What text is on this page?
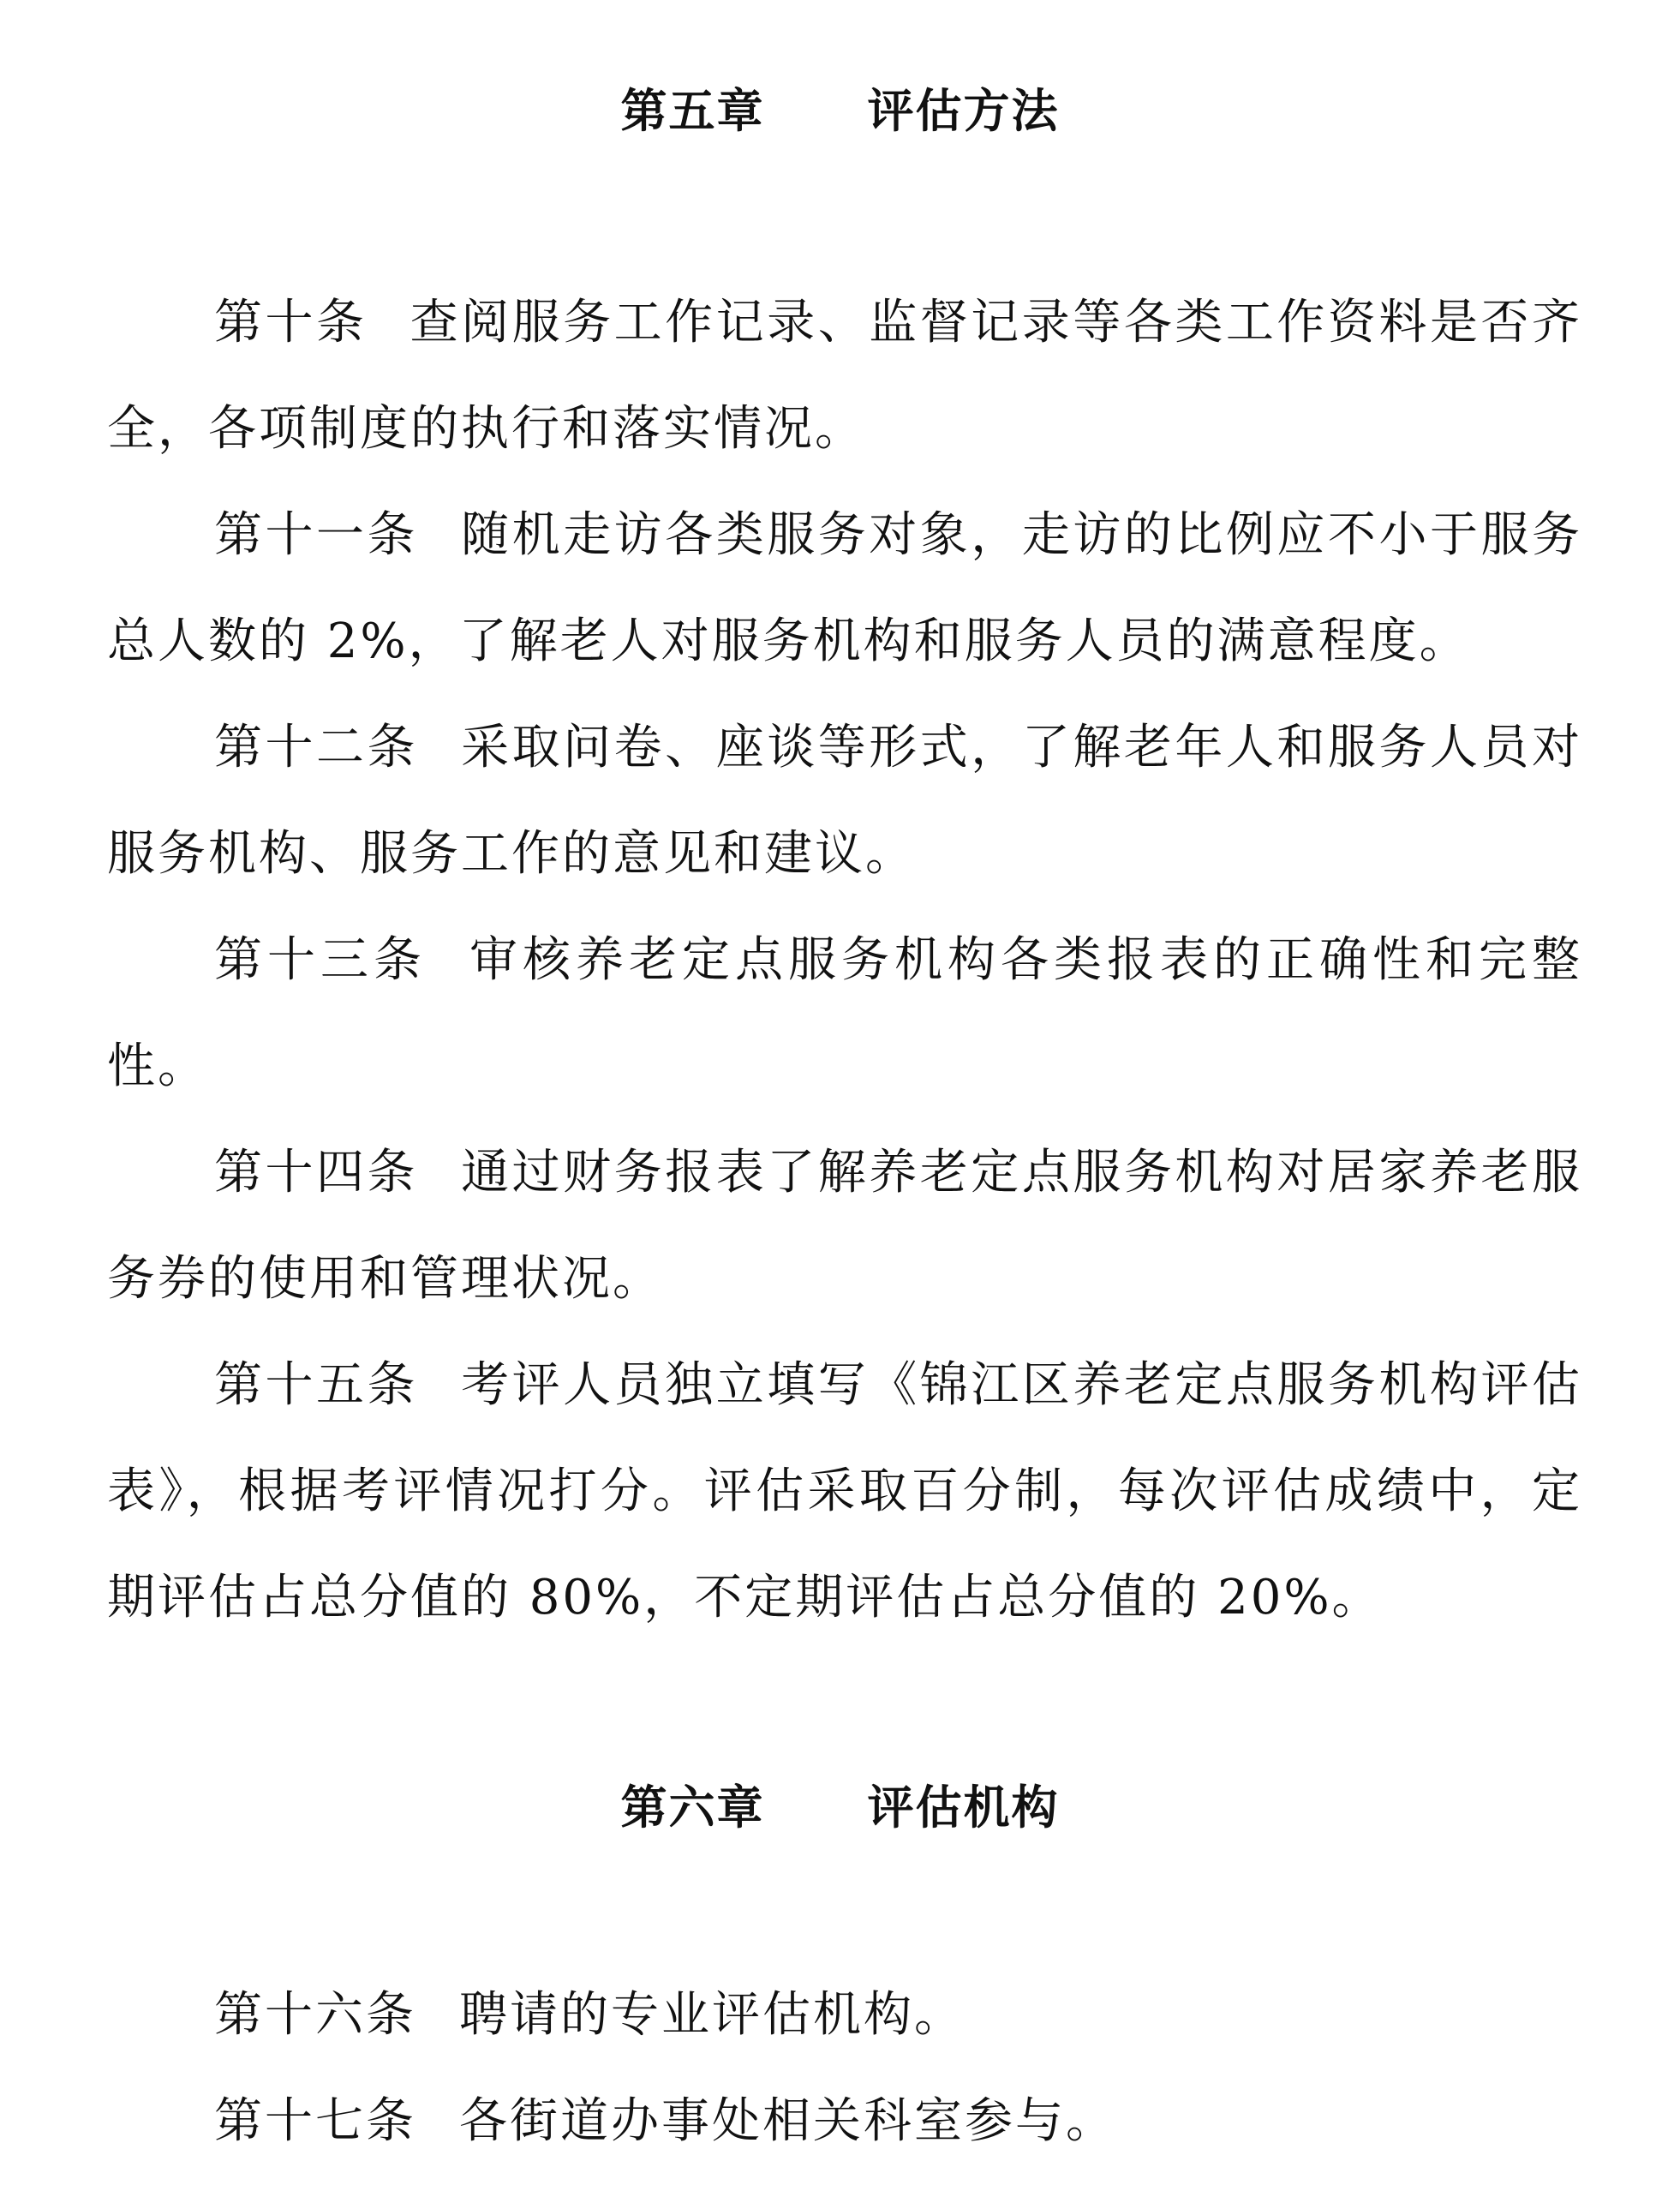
第五章 评估方法
第十条 查阅服务工作记录、监督记录等各类工作资料是否齐全，各项制度的执行和落实情况。
第十一条 随机走访各类服务对象，走访的比例应不小于服务总人数的 2%，了解老人对服务机构和服务人员的满意程度。
第十二条 采取问卷、座谈等形式，了解老年人和服务人员对服务机构、服务工作的意见和建议。
第十三条 审核养老定点服务机构各类报表的正确性和完整性。
第十四条 通过财务报表了解养老定点服务机构对居家养老服务券的使用和管理状况。
第十五条 考评人员独立填写《锦江区养老定点服务机构评估表》，根据考评情况打分。评估采取百分制，每次评估成绩中，定期评估占总分值的 80%，不定期评估占总分值的 20%。
第六章 评估机构
第十六条 聘请的专业评估机构。
第十七条 各街道办事处相关科室参与。
